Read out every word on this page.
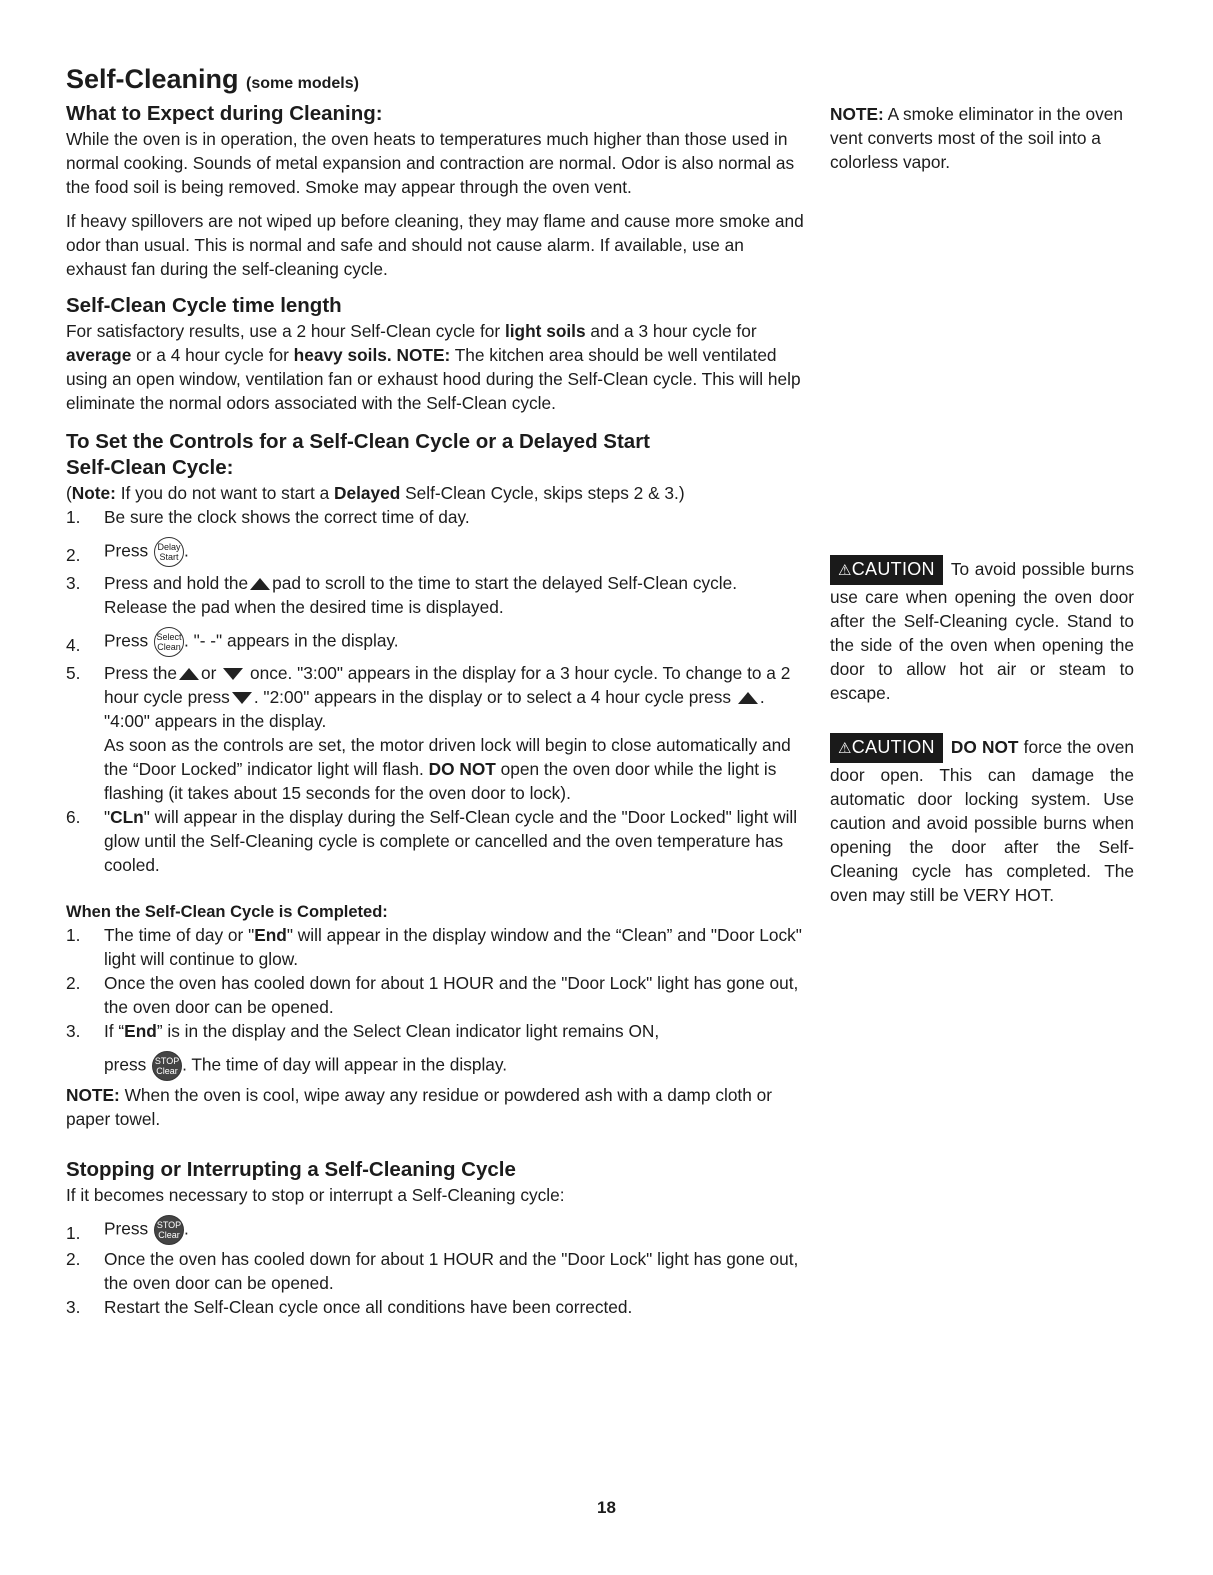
Self-Cleaning (some models)
What to Expect during Cleaning:

While the oven is in operation, the oven heats to temperatures much higher than those used in normal cooking. Sounds of metal expansion and contraction are normal. Odor is also normal as the food soil is being removed. Smoke may appear through the oven vent.

If heavy spillovers are not wiped up before cleaning, they may flame and cause more smoke and odor than usual. This is normal and safe and should not cause alarm. If available, use an exhaust fan during the self-cleaning cycle.

Self-Clean Cycle time length

For satisfactory results, use a 2 hour Self-Clean cycle for light soils and a 3 hour cycle for average or a 4 hour cycle for heavy soils. NOTE: The kitchen area should be well ventilated using an open window, ventilation fan or exhaust hood during the Self-Clean cycle. This will help eliminate the normal odors associated with the Self-Clean cycle.

To Set the Controls for a Self-Clean Cycle or a Delayed Start
Self-Clean Cycle:

(Note: If you do not want to start a Delayed Self-Clean Cycle, skips steps 2 & 3.)

1. Be sure the clock shows the correct time of day.
2. Press Delay Start .
3. Press and hold the pad to scroll to the time to start the delayed Self-Clean cycle. Release the pad when the desired time is displayed.
4. Press Select Clean . "- -" appears in the display.
5. Press the or once. "3:00" appears in the display for a 3 hour cycle. To change to a 2 hour cycle press . "2:00" appears in the display or to select a 4 hour cycle press . "4:00" appears in the display.
As soon as the controls are set, the motor driven lock will begin to close automatically and the “Door Locked” indicator light will flash. DO NOT open the oven door while the light is flashing (it takes about 15 seconds for the oven door to lock).
6. "CLn" will appear in the display during the Self-Clean cycle and the "Door Locked" light will glow until the Self-Cleaning cycle is complete or cancelled and the oven temperature has cooled.
When the Self-Clean Cycle is Completed:
1. The time of day or "End" will appear in the display window and the “Clean” and "Door Lock" light will continue to glow.
2. Once the oven has cooled down for about 1 HOUR and the "Door Lock" light has gone out, the oven door can be opened.
3. If “End” is in the display and the Select Clean indicator light remains ON,
press STOP Clear . The time of day will appear in the display.

NOTE: When the oven is cool, wipe away any residue or powdered ash with a damp cloth or paper towel.

Stopping or Interrupting a Self-Cleaning Cycle

If it becomes necessary to stop or interrupt a Self-Cleaning cycle:

1. Press STOP Clear .
2. Once the oven has cooled down for about 1 HOUR and the "Door Lock" light has gone out, the oven door can be opened.
3. Restart the Self-Clean cycle once all conditions have been corrected.

NOTE: A smoke eliminator in the oven vent converts most of the soil into a colorless vapor.

⚠CAUTION To avoid possible burns use care when opening the oven door after the Self-Cleaning cycle. Stand to the side of the oven when opening the door to allow hot air or steam to escape.

⚠CAUTION DO NOT force the oven door open. This can damage the automatic door locking system. Use caution and avoid possible burns when opening the door after the Self-Cleaning cycle has completed. The oven may still be VERY HOT.

18
